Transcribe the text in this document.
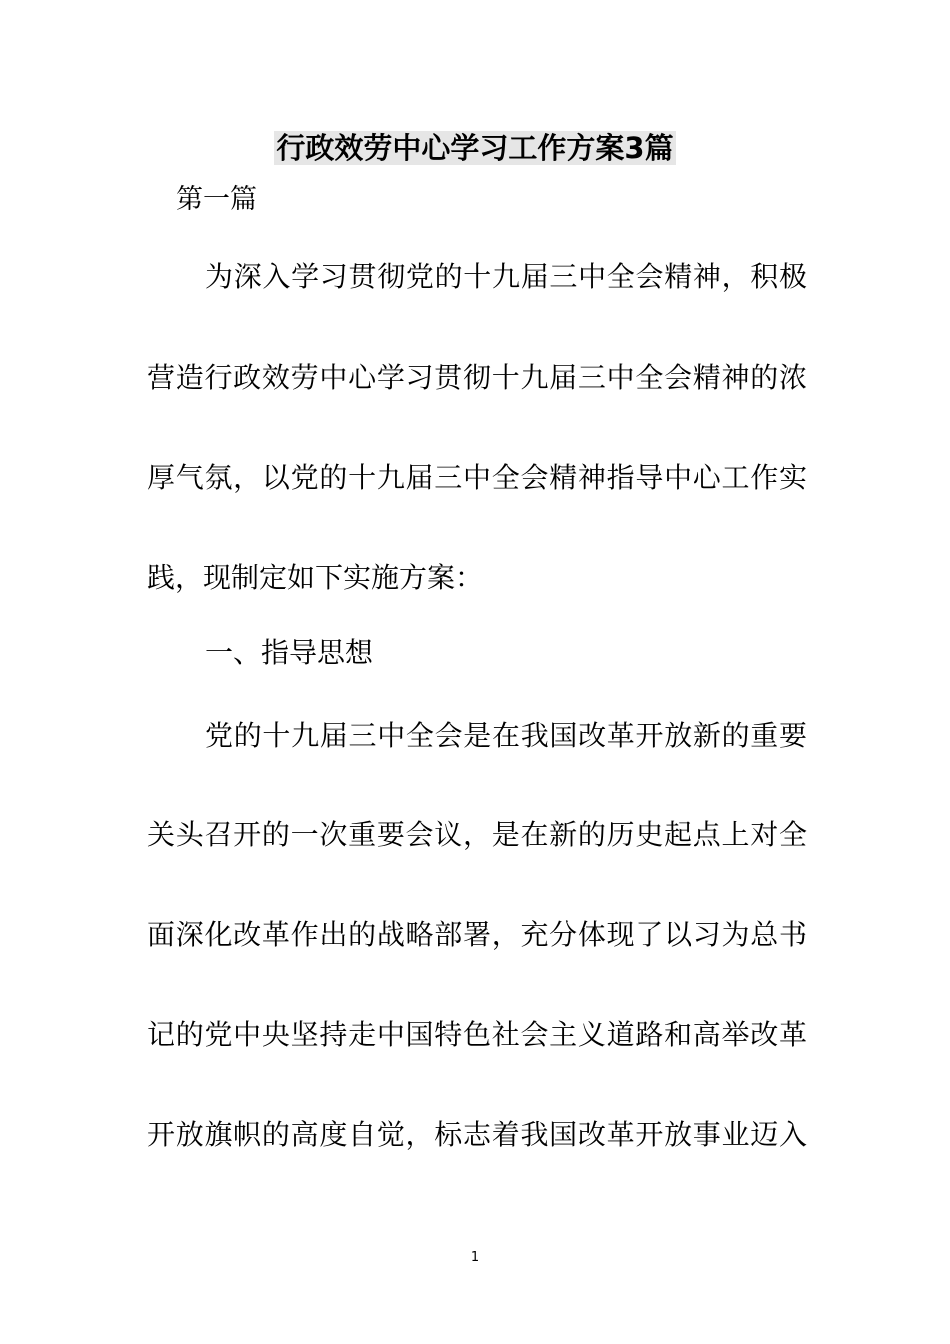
行政效劳中心学习工作方案3篇
第一篇
为深入学习贯彻党的十九届三中全会精神，积极
营造行政效劳中心学习贯彻十九届三中全会精神的浓
厚气氛，以党的十九届三中全会精神指导中心工作实
践，现制定如下实施方案：
一、指导思想
党的十九届三中全会是在我国改革开放新的重要
关头召开的一次重要会议，是在新的历史起点上对全
面深化改革作出的战略部署，充分体现了以习为总书
记的党中央坚持走中国特色社会主义道路和高举改革
开放旗帜的高度自觉，标志着我国改革开放事业迈入
1
